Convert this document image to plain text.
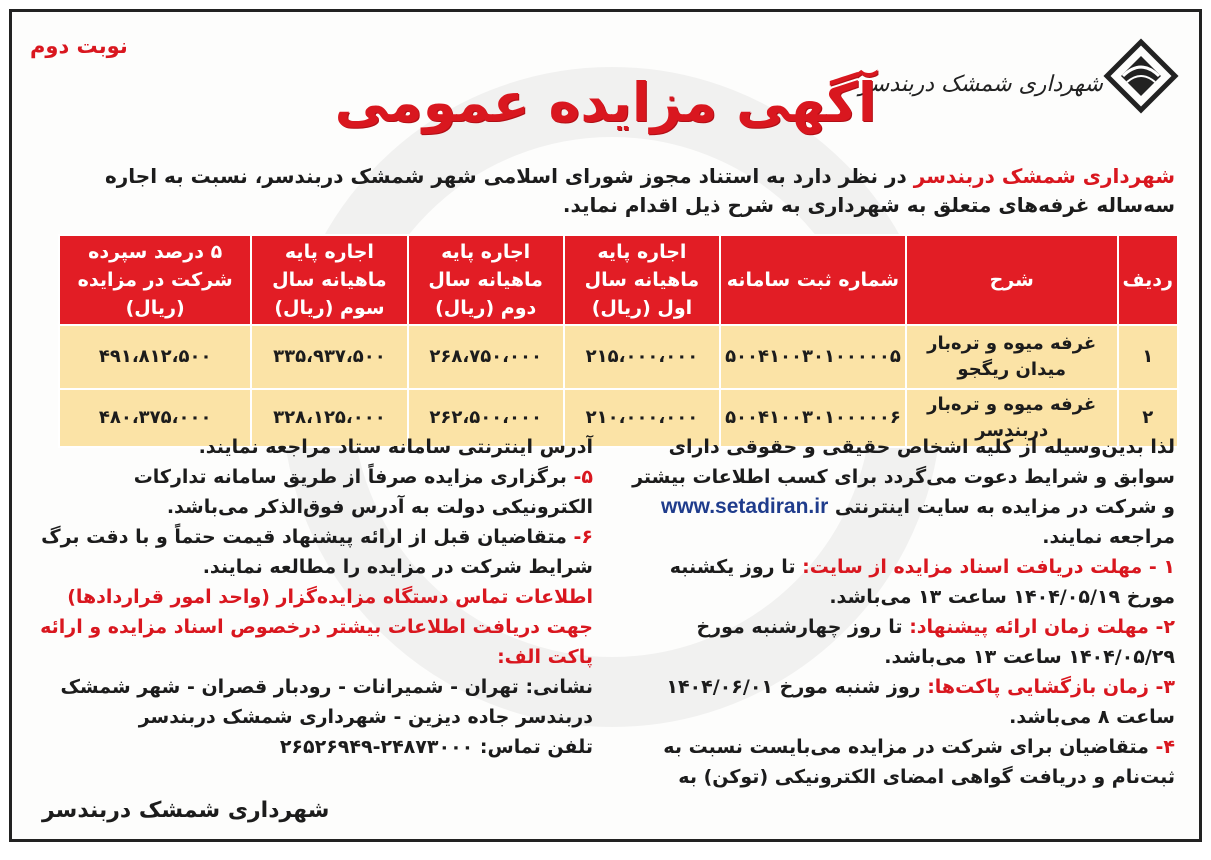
شهرداری شمشک دربندسر
نوبت دوم
آگهی مزایده عمومی

شهرداری شمشک دربندسر در نظر دارد به استناد مجوز شورای اسلامی شهر شمشک دربندسر، نسبت به اجاره سه‌ساله غرفه‌های متعلق به شهرداری به شرح ذیل اقدام نماید.

ردیف	شرح	شماره ثبت سامانه	اجاره پایه ماهیانه سال اول (ریال)	اجاره پایه ماهیانه سال دوم (ریال)	اجاره پایه ماهیانه سال سوم (ریال)	۵ درصد سپرده شرکت در مزایده (ریال)
۱	غرفه میوه و تره‌بار میدان ریگجو	۵۰۰۴۱۰۰۳۰۱۰۰۰۰۰۵	۲۱۵،۰۰۰،۰۰۰	۲۶۸،۷۵۰،۰۰۰	۳۳۵،۹۳۷،۵۰۰	۴۹۱،۸۱۲،۵۰۰
۲	غرفه میوه و تره‌بار دربندسر	۵۰۰۴۱۰۰۳۰۱۰۰۰۰۰۶	۲۱۰،۰۰۰،۰۰۰	۲۶۲،۵۰۰،۰۰۰	۳۲۸،۱۲۵،۰۰۰	۴۸۰،۳۷۵،۰۰۰

لذا بدین‌وسیله از کلیه اشخاص حقیقی و حقوقی دارای سوابق و شرایط دعوت می‌گردد برای کسب اطلاعات بیشتر و شرکت در مزایده به سایت اینترنتی www.setadiran.ir مراجعه نمایند.

۱ - مهلت دریافت اسناد مزایده از سایت: تا روز یکشنبه مورخ ۱۴۰۴/۰۵/۱۹ ساعت ۱۳ می‌باشد.

۲- مهلت زمان ارائه پیشنهاد: تا روز چهارشنبه مورخ ۱۴۰۴/۰۵/۲۹ ساعت ۱۳ می‌باشد.

۳- زمان بازگشایی پاکت‌ها: روز شنبه مورخ ۱۴۰۴/۰۶/۰۱ ساعت ۸ می‌باشد.

۴- متقاضیان برای شرکت در مزایده می‌بایست نسبت به ثبت‌نام و دریافت گواهی امضای الکترونیکی (توکن) به

آدرس اینترنتی سامانه ستاد مراجعه نمایند.

۵- برگزاری مزایده صرفاً از طریق سامانه تدارکات الکترونیکی دولت به آدرس فوق‌الذکر می‌باشد.

۶- متقاضیان قبل از ارائه پیشنهاد قیمت حتماً و با دقت برگ شرایط شرکت در مزایده را مطالعه نمایند.

اطلاعات تماس دستگاه مزایده‌گزار (واحد امور قراردادها) جهت دریافت اطلاعات بیشتر درخصوص اسناد مزایده و ارائه پاکت الف:

نشانی: تهران - شمیرانات - رودبار قصران - شهر شمشک دربندسر جاده دیزین - شهرداری شمشک دربندسر

تلفن تماس: ۲۴۸۷۳۰۰۰-۲۶۵۲۶۹۴۹

شهرداری شمشک دربندسر
